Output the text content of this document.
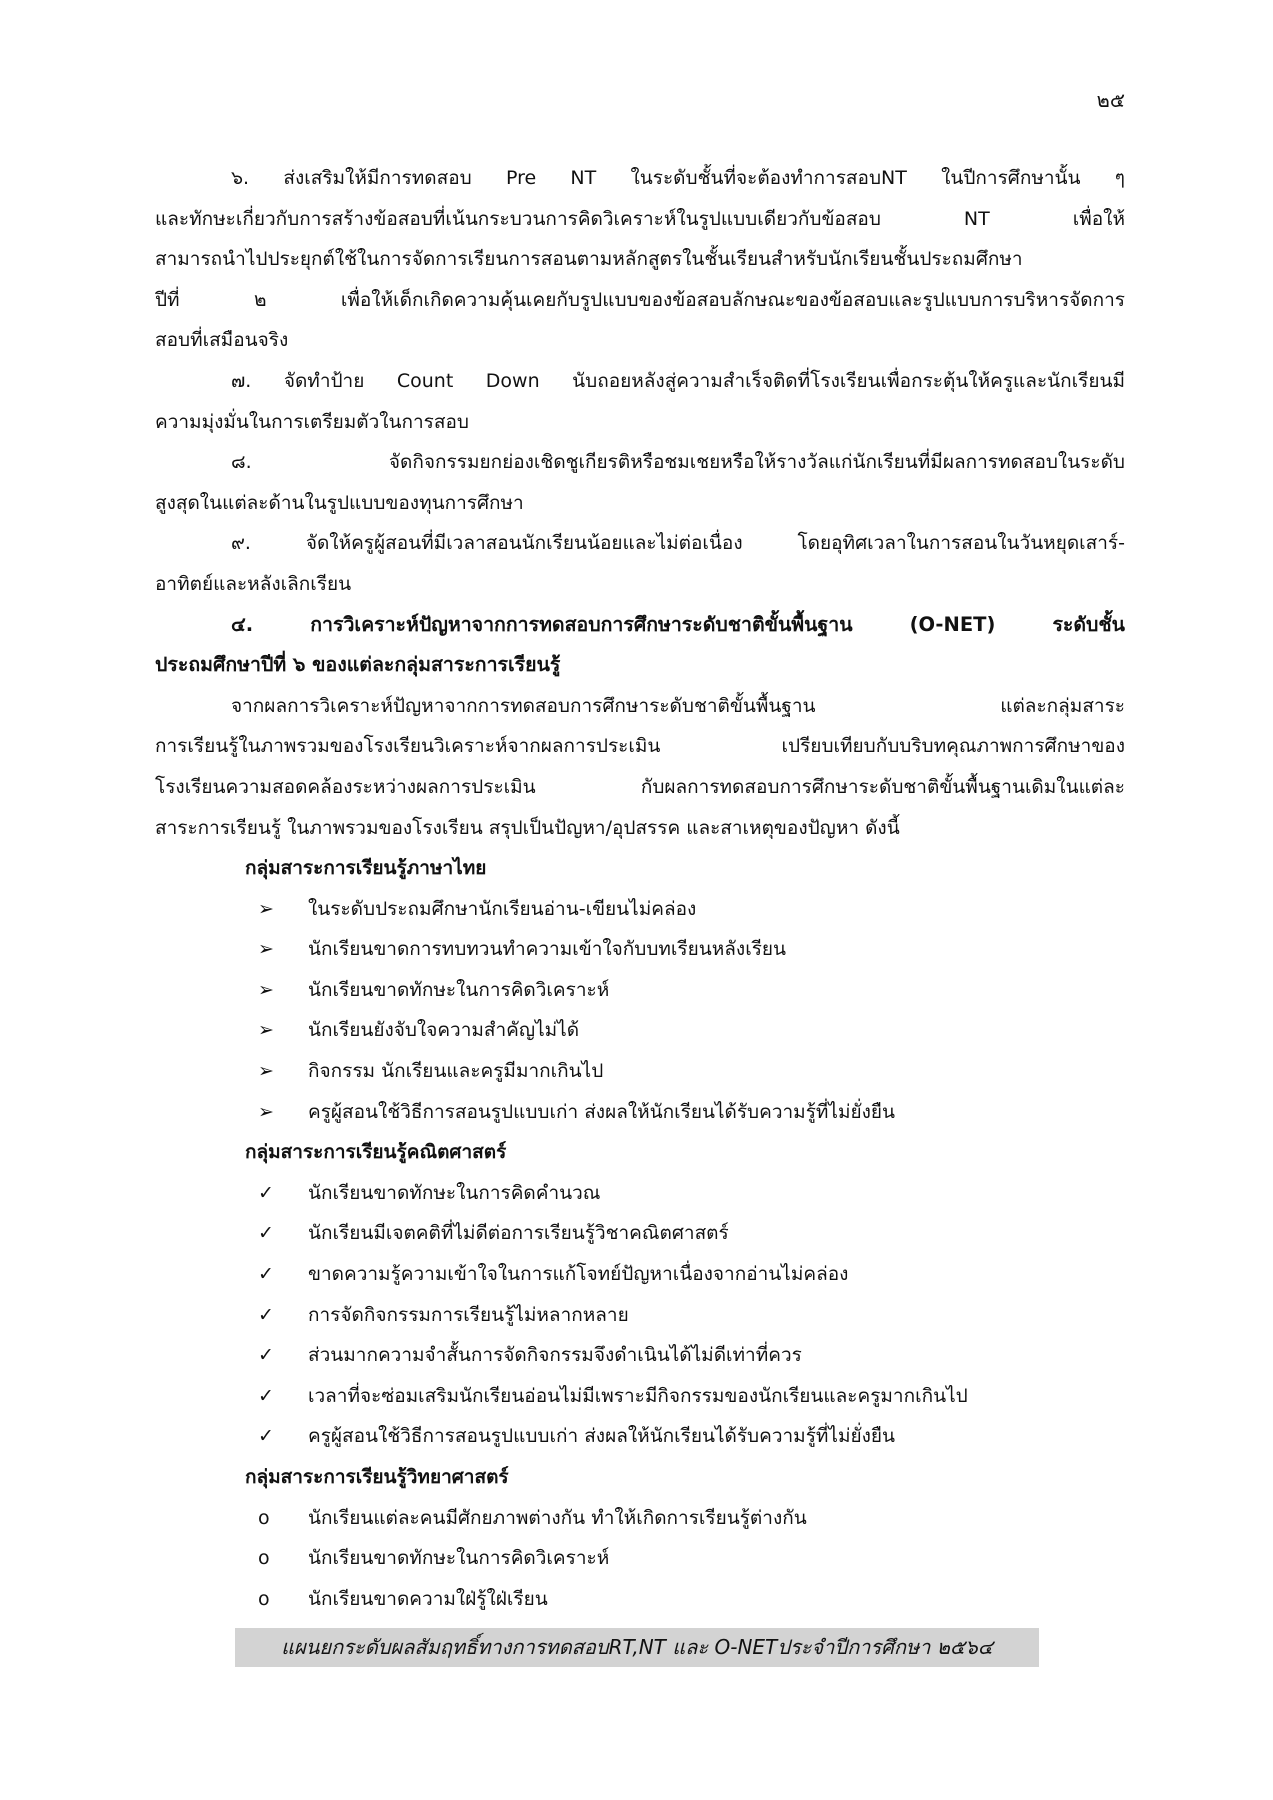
๒๕
๖. ส่งเสริมให้มีการทดสอบ Pre NT ในระดับชั้นที่จะต้องทำการสอบNT ในปีการศึกษานั้น ๆ
และทักษะเกี่ยวกับการสร้างข้อสอบที่เน้นกระบวนการคิดวิเคราะห์ในรูปแบบเดียวกับข้อสอบ NT เพื่อให้
สามารถนำไปประยุกต์ใช้ในการจัดการเรียนการสอนตามหลักสูตรในชั้นเรียนสำหรับนักเรียนชั้นประถมศึกษา
ปีที่ ๒ เพื่อให้เด็กเกิดความคุ้นเคยกับรูปแบบของข้อสอบลักษณะของข้อสอบและรูปแบบการบริหารจัดการ
สอบที่เสมือนจริง
๗. จัดทำป้าย Count Down นับถอยหลังสู่ความสำเร็จติดที่โรงเรียนเพื่อกระตุ้นให้ครูและนักเรียนมี
ความมุ่งมั่นในการเตรียมตัวในการสอบ
๘. จัดกิจกรรมยกย่องเชิดชูเกียรติหรือชมเชยหรือให้รางวัลแก่นักเรียนที่มีผลการทดสอบในระดับ
สูงสุดในแต่ละด้านในรูปแบบของทุนการศึกษา
๙. จัดให้ครูผู้สอนที่มีเวลาสอนนักเรียนน้อยและไม่ต่อเนื่อง โดยอุทิศเวลาในการสอนในวันหยุดเสาร์-
อาทิตย์และหลังเลิกเรียน
๔. การวิเคราะห์ปัญหาจากการทดสอบการศึกษาระดับชาติขั้นพื้นฐาน (O-NET) ระดับชั้น
ประถมศึกษาปีที่ ๖ ของแต่ละกลุ่มสาระการเรียนรู้
จากผลการวิเคราะห์ปัญหาจากการทดสอบการศึกษาระดับชาติขั้นพื้นฐาน แต่ละกลุ่มสาระ
การเรียนรู้ในภาพรวมของโรงเรียนวิเคราะห์จากผลการประเมิน เปรียบเทียบกับบริบทคุณภาพการศึกษาของ
โรงเรียนความสอดคล้องระหว่างผลการประเมิน กับผลการทดสอบการศึกษาระดับชาติขั้นพื้นฐานเดิมในแต่ละ
สาระการเรียนรู้ ในภาพรวมของโรงเรียน สรุปเป็นปัญหา/อุปสรรค และสาเหตุของปัญหา ดังนี้
กลุ่มสาระการเรียนรู้ภาษาไทย
➢	ในระดับประถมศึกษานักเรียนอ่าน-เขียนไม่คล่อง
➢	นักเรียนขาดการทบทวนทำความเข้าใจกับบทเรียนหลังเรียน
➢	นักเรียนขาดทักษะในการคิดวิเคราะห์
➢	นักเรียนยังจับใจความสำคัญไม่ได้
➢	กิจกรรม นักเรียนและครูมีมากเกินไป
➢	ครูผู้สอนใช้วิธีการสอนรูปแบบเก่า ส่งผลให้นักเรียนได้รับความรู้ที่ไม่ยั่งยืน
กลุ่มสาระการเรียนรู้คณิตศาสตร์
✓	นักเรียนขาดทักษะในการคิดคำนวณ
✓	นักเรียนมีเจตคติที่ไม่ดีต่อการเรียนรู้วิชาคณิตศาสตร์
✓	ขาดความรู้ความเข้าใจในการแก้โจทย์ปัญหาเนื่องจากอ่านไม่คล่อง
✓	การจัดกิจกรรมการเรียนรู้ไม่หลากหลาย
✓	ส่วนมากความจำสั้นการจัดกิจกรรมจึงดำเนินได้ไม่ดีเท่าที่ควร
✓	เวลาที่จะซ่อมเสริมนักเรียนอ่อนไม่มีเพราะมีกิจกรรมของนักเรียนและครูมากเกินไป
✓	ครูผู้สอนใช้วิธีการสอนรูปแบบเก่า ส่งผลให้นักเรียนได้รับความรู้ที่ไม่ยั่งยืน
กลุ่มสาระการเรียนรู้วิทยาศาสตร์
o	นักเรียนแต่ละคนมีศักยภาพต่างกัน ทำให้เกิดการเรียนรู้ต่างกัน
o	นักเรียนขาดทักษะในการคิดวิเคราะห์
o	นักเรียนขาดความใฝ่รู้ใฝ่เรียน
แผนยกระดับผลสัมฤทธิ์ทางการทดสอบRT,NT และ O-NETประจำปีการศึกษา ๒๕๖๔
